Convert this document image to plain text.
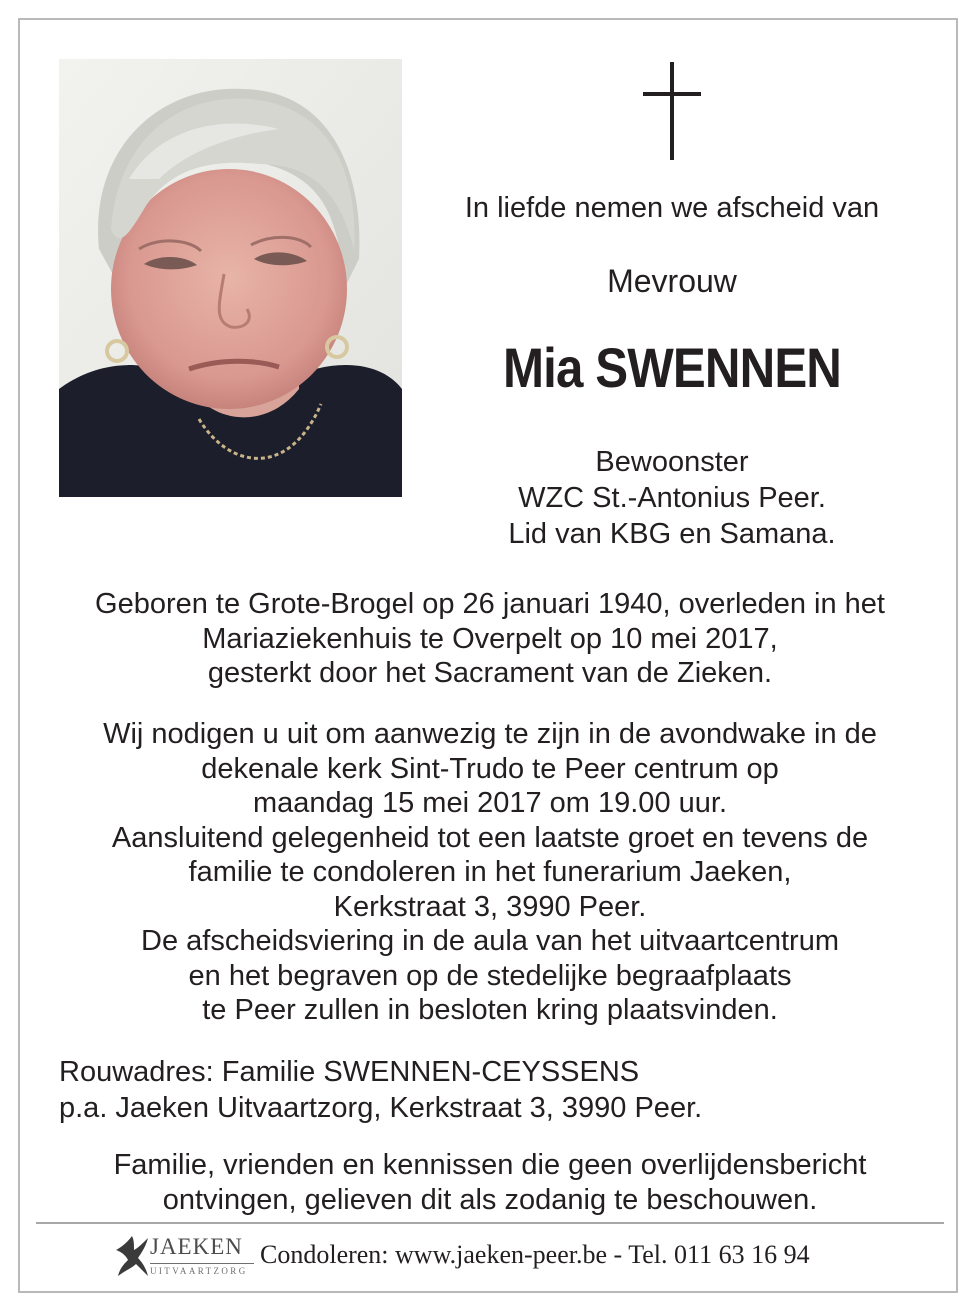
In liefde nemen we afscheid van
Mevrouw
Mia SWENNEN
Bewoonster
WZC St.-Antonius Peer.
Lid van KBG en Samana.
Geboren te Grote-Brogel op 26 januari 1940, overleden in het
Mariaziekenhuis te Overpelt op 10 mei 2017,
gesterkt door het Sacrament van de Zieken.
Wij nodigen u uit om aanwezig te zijn in de avondwake in de
dekenale kerk Sint-Trudo te Peer centrum op
maandag 15 mei 2017 om 19.00 uur.
Aansluitend gelegenheid tot een laatste groet en tevens de
familie te condoleren in het funerarium Jaeken,
Kerkstraat 3, 3990 Peer.
De afscheidsviering in de aula van het uitvaartcentrum
en het begraven op de stedelijke begraafplaats
te Peer zullen in besloten kring plaatsvinden.
Rouwadres: Familie SWENNEN-CEYSSENS
p.a. Jaeken Uitvaartzorg, Kerkstraat 3, 3990 Peer.
Familie, vrienden en kennissen die geen overlijdensbericht
ontvingen, gelieven dit als zodanig te beschouwen.
JAEKEN
UITVAARTZORG
Condoleren: www.jaeken-peer.be - Tel. 011 63 16 94
